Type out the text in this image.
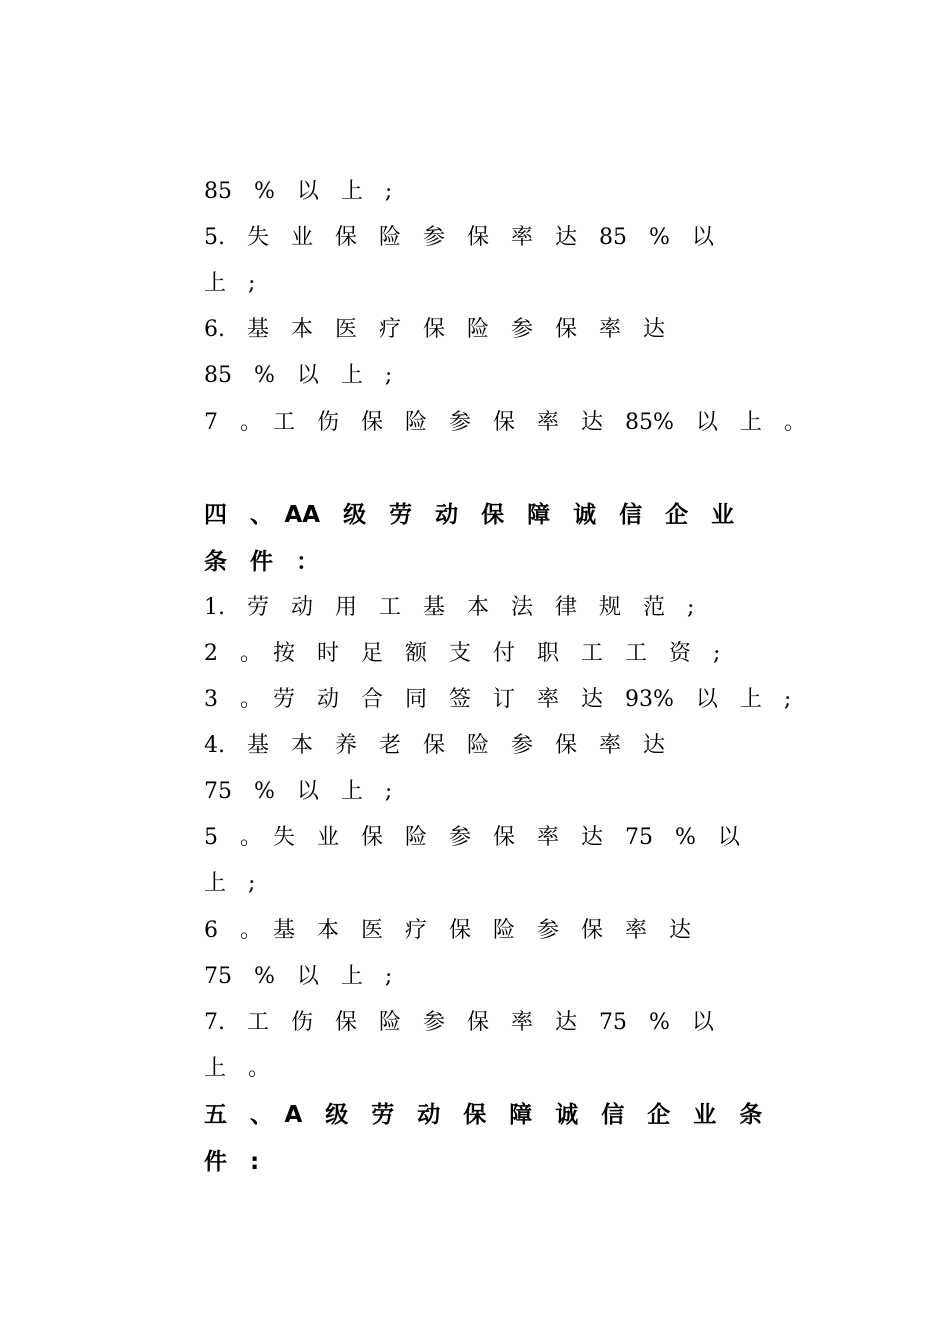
85　%　以　上　;
5.　失　业　保　险　参　保　率　达　85　%　以
上　;
6.　基　本　医　疗　保　险　参　保　率　达
85　%　以　上　;
7　。　工　伤　保　险　参　保　率　达　85%　以　上　。
四　、　AA　级　劳　动　保　障　诚　信　企　业
条　件　：
1.　劳　动　用　工　基　本　法　律　规　范　;
2　。　按　时　足　额　支　付　职　工　工　资　;
3　。　劳　动　合　同　签　订　率　达　93%　以　上　;
4.　基　本　养　老　保　险　参　保　率　达
75　%　以　上　;
5　。　失　业　保　险　参　保　率　达　75　%　以
上　;
6　。　基　本　医　疗　保　险　参　保　率　达
75　%　以　上　;
7.　工　伤　保　险　参　保　率　达　75　%　以
上　。
五　、　A　级　劳　动　保　障　诚　信　企　业　条
件　:
